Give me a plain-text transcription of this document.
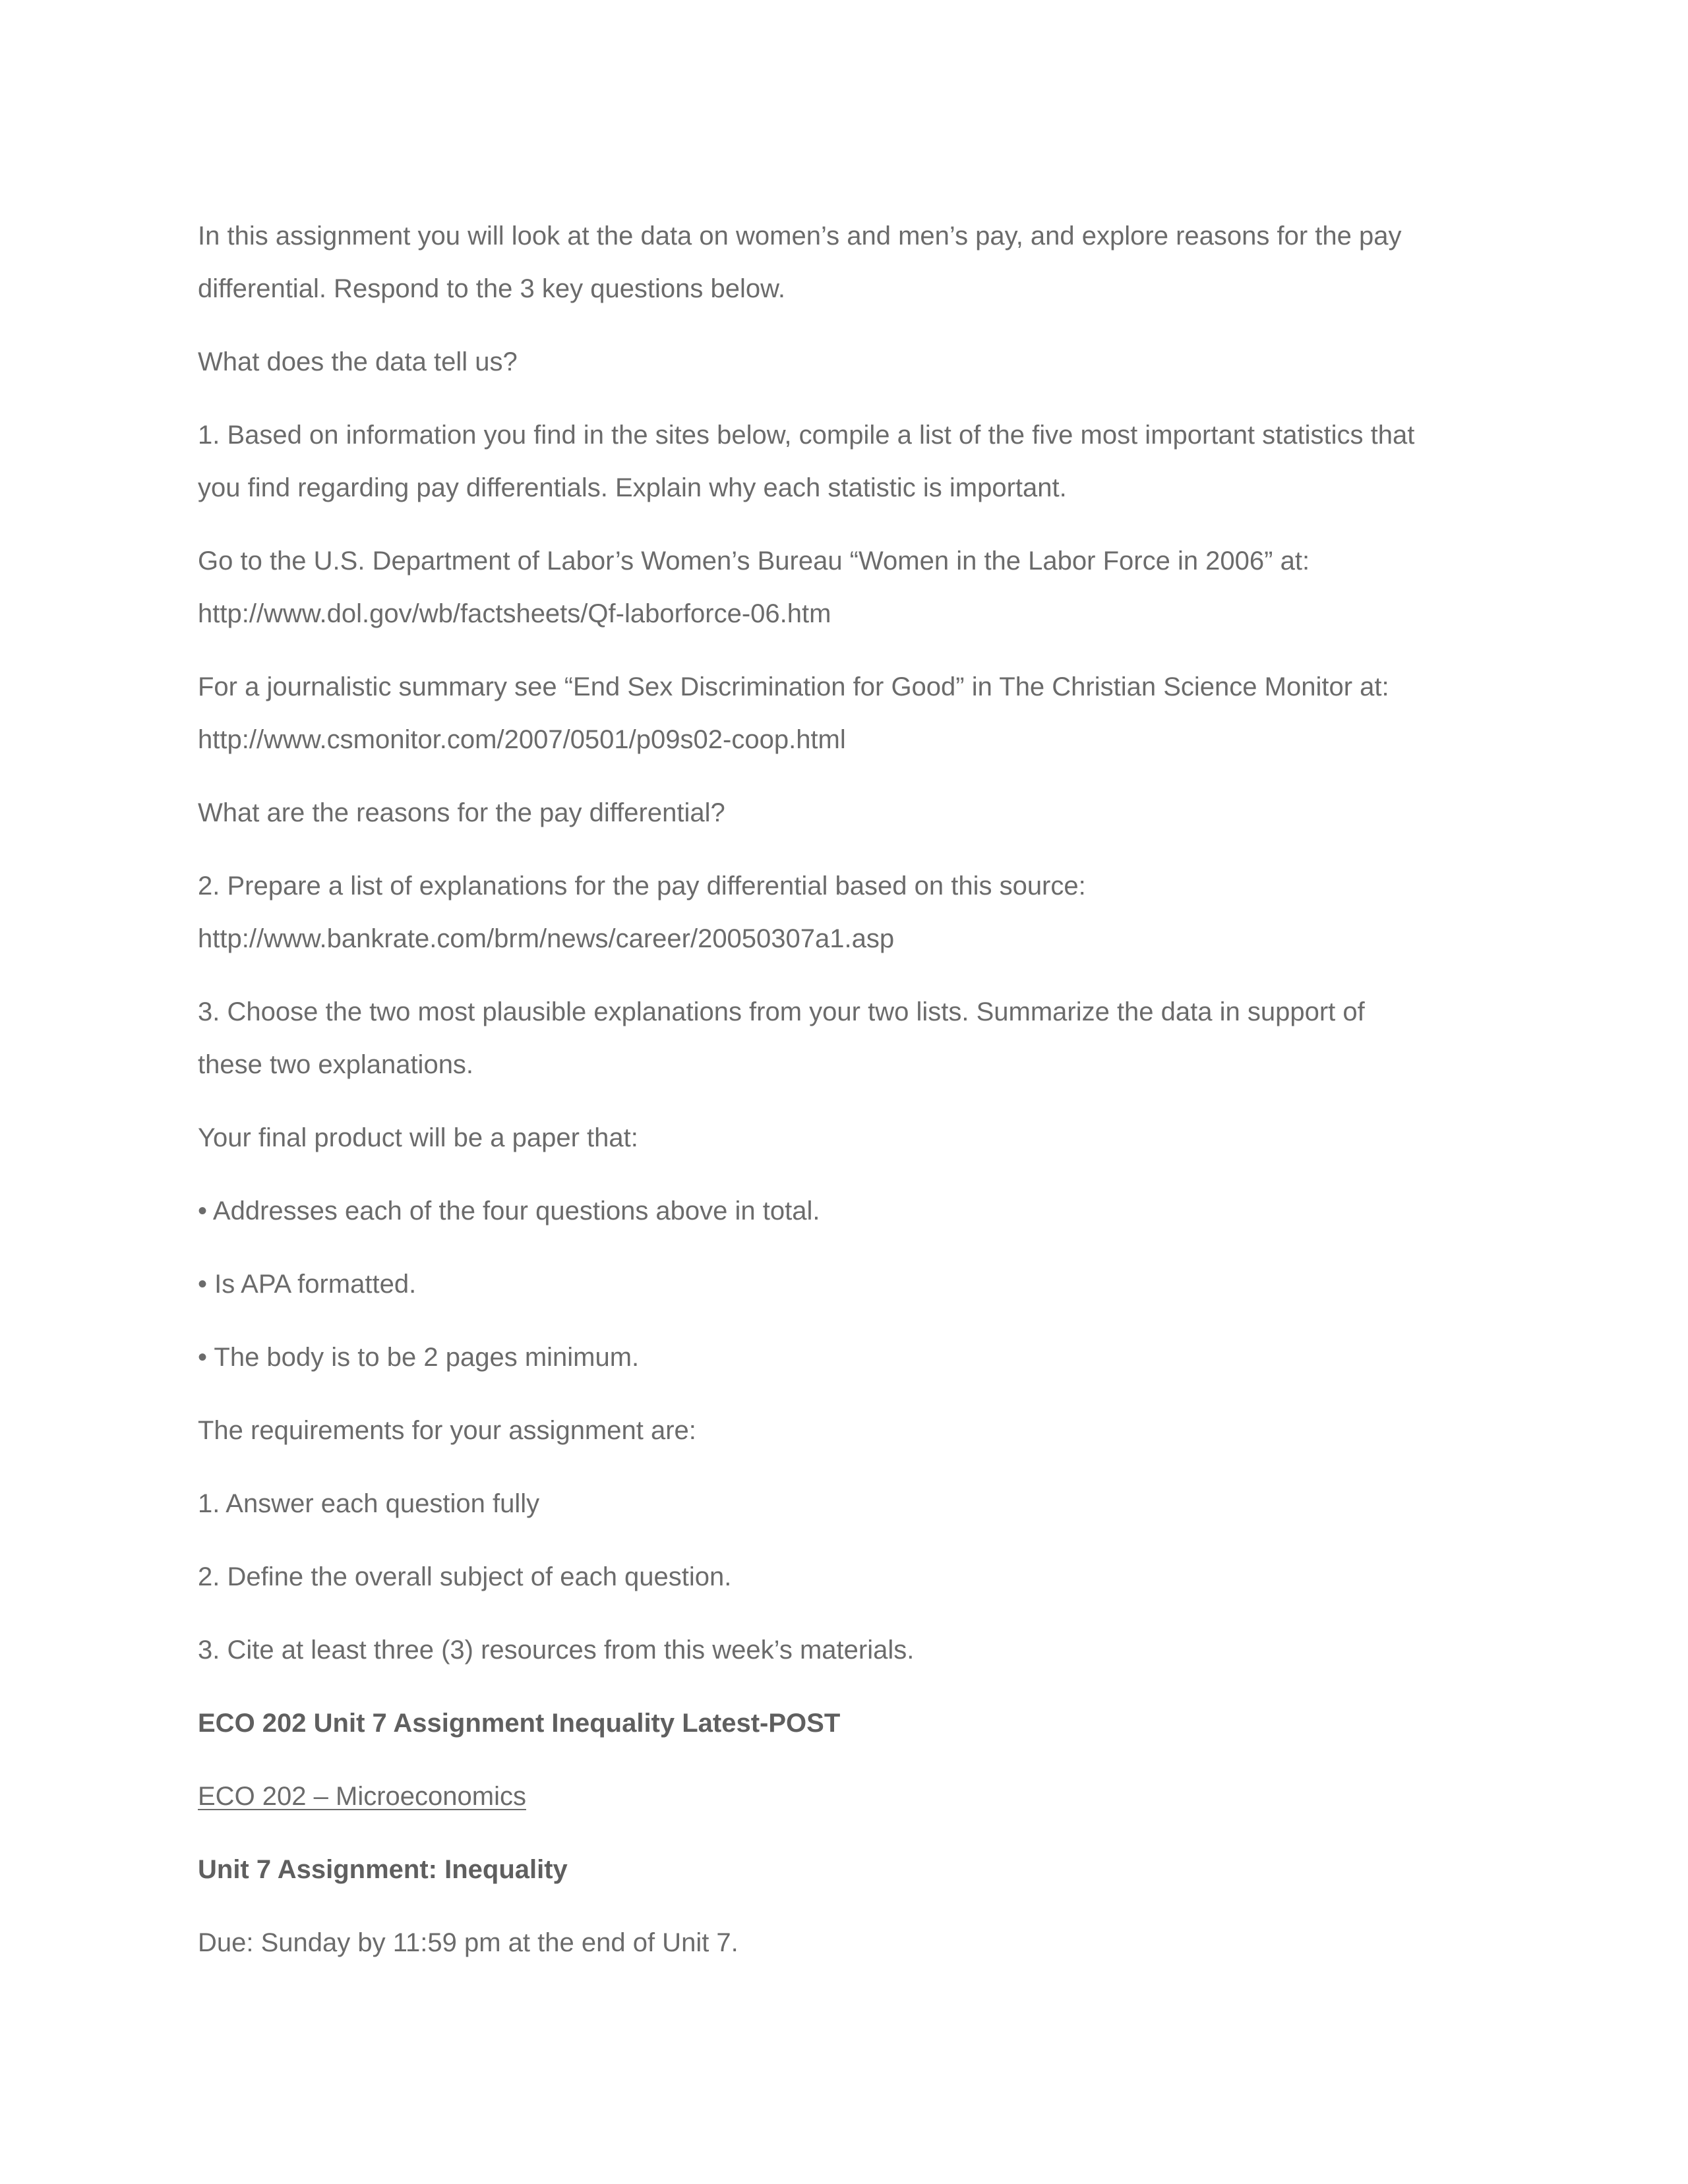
In this assignment you will look at the data on women’s and men’s pay, and explore reasons for the pay
differential. Respond to the 3 key questions below.

What does the data tell us?

1. Based on information you find in the sites below, compile a list of the five most important statistics that
you find regarding pay differentials. Explain why each statistic is important.

Go to the U.S. Department of Labor’s Women’s Bureau “Women in the Labor Force in 2006” at:
http://www.dol.gov/wb/factsheets/Qf-laborforce-06.htm

For a journalistic summary see “End Sex Discrimination for Good” in The Christian Science Monitor at:
http://www.csmonitor.com/2007/0501/p09s02-coop.html

What are the reasons for the pay differential?

2. Prepare a list of explanations for the pay differential based on this source:
http://www.bankrate.com/brm/news/career/20050307a1.asp

3. Choose the two most plausible explanations from your two lists. Summarize the data in support of
these two explanations.

Your final product will be a paper that:

• Addresses each of the four questions above in total.

• Is APA formatted.

• The body is to be 2 pages minimum.

The requirements for your assignment are:

1. Answer each question fully

2. Define the overall subject of each question.

3. Cite at least three (3) resources from this week’s materials.

ECO 202 Unit 7 Assignment Inequality Latest-POST

ECO 202 – Microeconomics

Unit 7 Assignment: Inequality

Due: Sunday by 11:59 pm at the end of Unit 7.
